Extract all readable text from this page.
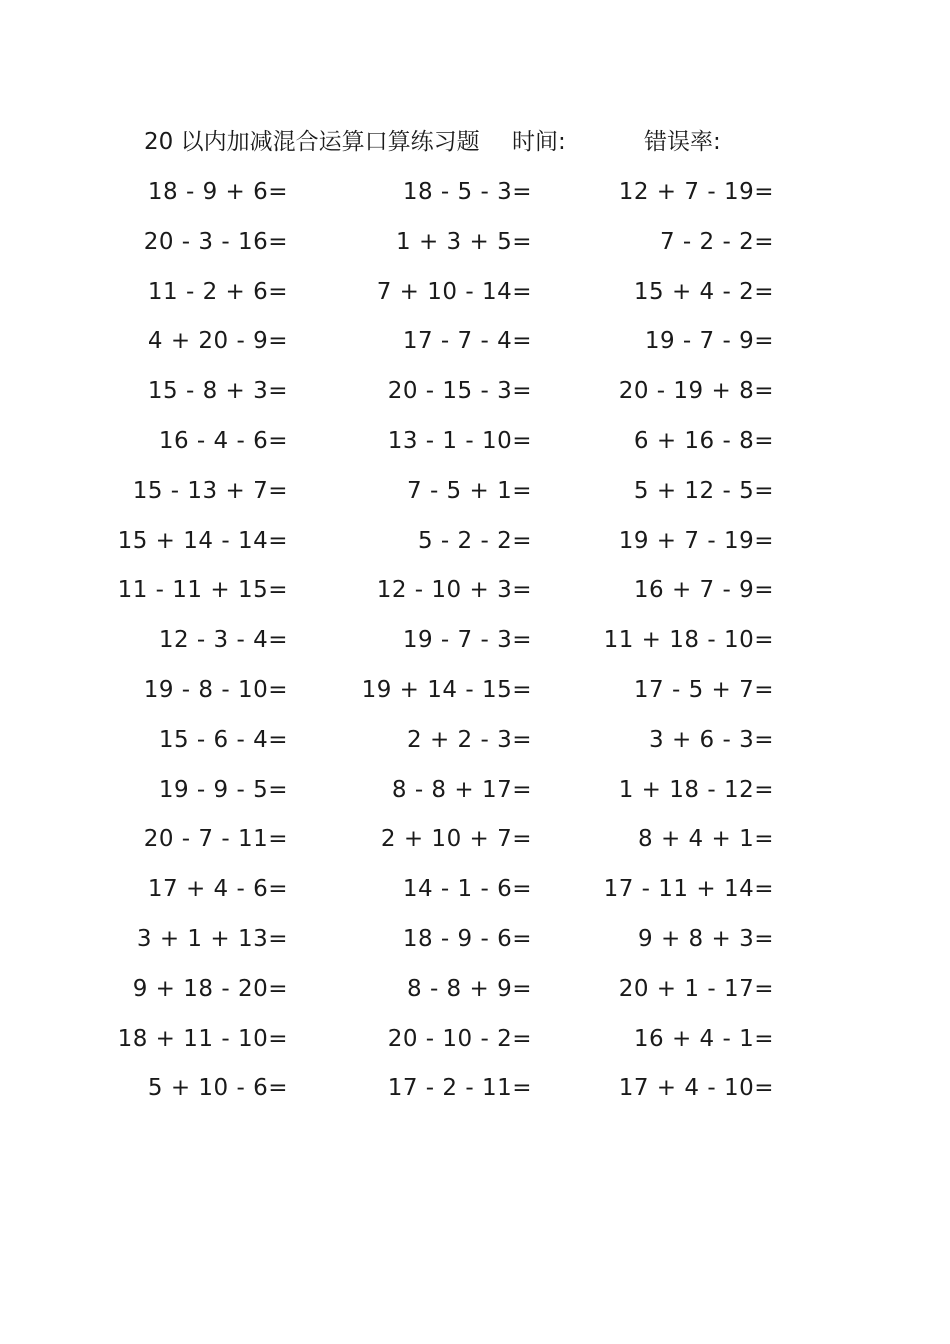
20 以内加减混合运算口算练习题 时间:	错误率:
18 - 9 + 6=	18 - 5 - 3=	12 + 7 - 19=
20 - 3 - 16=	1 + 3 + 5=	7 - 2 - 2=
11 - 2 + 6=	7 + 10 - 14=	15 + 4 - 2=
4 + 20 - 9=	17 - 7 - 4=	19 - 7 - 9=
15 - 8 + 3=	20 - 15 - 3=	20 - 19 + 8=
16 - 4 - 6=	13 - 1 - 10=	6 + 16 - 8=
15 - 13 + 7=	7 - 5 + 1=	5 + 12 - 5=
15 + 14 - 14=	5 - 2 - 2=	19 + 7 - 19=
11 - 11 + 15=	12 - 10 + 3=	16 + 7 - 9=
12 - 3 - 4=	19 - 7 - 3=	11 + 18 - 10=
19 - 8 - 10=	19 + 14 - 15=	17 - 5 + 7=
15 - 6 - 4=	2 + 2 - 3=	3 + 6 - 3=
19 - 9 - 5=	8 - 8 + 17=	1 + 18 - 12=
20 - 7 - 11=	2 + 10 + 7=	8 + 4 + 1=
17 + 4 - 6=	14 - 1 - 6=	17 - 11 + 14=
3 + 1 + 13=	18 - 9 - 6=	9 + 8 + 3=
9 + 18 - 20=	8 - 8 + 9=	20 + 1 - 17=
18 + 11 - 10=	20 - 10 - 2=	16 + 4 - 1=
5 + 10 - 6=	17 - 2 - 11=	17 + 4 - 10=
